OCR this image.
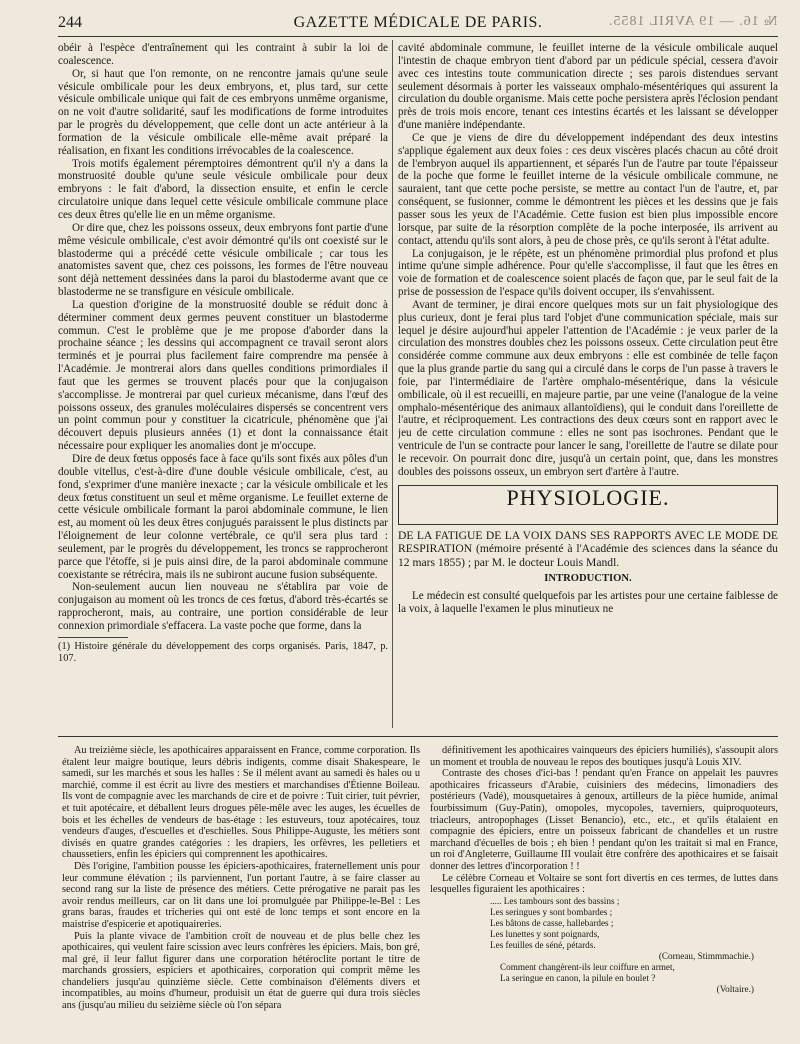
244	GAZETTE MÉDICALE DE PARIS.	№ 16. — 19 AVRIL 1855.

obéir à l'espèce d'entraînement qui les contraint à subir la loi de coalescence.

Or, si haut que l'on remonte, on ne rencontre jamais qu'une seule vésicule ombilicale pour les deux embryons, et, plus tard, sur cette vésicule ombilicale unique qui fait de ces embryons unmême organisme, on ne voit d'autre solidarité, sauf les modifications de forme introduites par le progrès du développement, que celle dont un acte antérieur à la formation de la vésicule ombilicale elle-même avait préparé la réalisation, en fixant les conditions irrévocables de la coalescence.

Trois motifs également péremptoires démontrent qu'il n'y a dans la monstruosité double qu'une seule vésicule ombilicale pour deux embryons : le fait d'abord, la dissection ensuite, et enfin le cercle circulatoire unique dans lequel cette vésicule ombilicale commune place ces deux êtres qu'elle lie en un même organisme.

Or dire que, chez les poissons osseux, deux embryons font partie d'une même vésicule ombilicale, c'est avoir démontré qu'ils ont coexisté sur le blastoderme qui a précédé cette vésicule ombilicale ; car tous les anatomistes savent que, chez ces poissons, les formes de l'être nouveau sont déjà nettement dessinées dans la paroi du blastoderme avant que ce blastoderme ne se transfigure en vésicule ombilicale.

La question d'origine de la monstruosité double se réduit donc à déterminer comment deux germes peuvent constituer un blastoderme commun. C'est le problème que je me propose d'aborder dans la prochaine séance ; les dessins qui accompagnent ce travail seront alors terminés et je pourrai plus facilement faire comprendre ma pensée à l'Académie. Je montrerai alors dans quelles conditions primordiales il faut que les germes se trouvent placés pour que la conjugaison s'accomplisse. Je montrerai par quel curieux mécanisme, dans l'œuf des poissons osseux, des granules moléculaires dispersés se concentrent vers un point commun pour y constituer la cicatricule, phénomène que j'ai découvert depuis plusieurs années (1) et dont la connaissance était nécessaire pour expliquer les anomalies dont je m'occupe.

Dire de deux fœtus opposés face à face qu'ils sont fixés aux pôles d'un double vitellus, c'est-à-dire d'une double vésicule ombilicale, c'est, au fond, s'exprimer d'une manière inexacte ; car la vésicule ombilicale et les deux fœtus constituent un seul et même organisme. Le feuillet externe de cette vésicule ombilicale formant la paroi abdominale commune, le lien est, au moment où les deux êtres conjugués paraissent le plus distincts par l'éloignement de leur colonne vertébrale, ce qu'il sera plus tard : seulement, par le progrès du développement, les troncs se rapprocheront parce que l'étoffe, si je puis ainsi dire, de la paroi abdominale commune coexistante se rétrécira, mais ils ne subiront aucune fusion subséquente.

Non-seulement aucun lien nouveau ne s'établira par voie de conjugaison au moment où les troncs de ces fœtus, d'abord très-écartés se rapprocheront, mais, au contraire, une portion considérable de leur connexion primordiale s'effacera. La vaste poche que forme, dans la

(1) Histoire générale du développement des corps organisés. Paris, 1847, p. 107.

cavité abdominale commune, le feuillet interne de la vésicule ombilicale auquel l'intestin de chaque embryon tient d'abord par un pédicule spécial, cessera d'avoir avec ces intestins toute communication directe ; ses parois distendues servant seulement désormais à porter les vaisseaux omphalo-mésentériques qui assurent la circulation du double organisme. Mais cette poche persistera après l'éclosion pendant près de trois mois encore, tenant ces intestins écartés et les laissant se développer d'une manière indépendante.

Ce que je viens de dire du développement indépendant des deux intestins s'applique également aux deux foies : ces deux viscères placés chacun au côté droit de l'embryon auquel ils appartiennent, et séparés l'un de l'autre par toute l'épaisseur de la poche que forme le feuillet interne de la vésicule ombilicale commune, ne sauraient, tant que cette poche persiste, se mettre au contact l'un de l'autre, et, par conséquent, se fusionner, comme le démontrent les pièces et les dessins que je fais passer sous les yeux de l'Académie. Cette fusion est bien plus impossible encore lorsque, par suite de la résorption complète de la poche interposée, ils arrivent au contact, attendu qu'ils sont alors, à peu de chose près, ce qu'ils seront à l'état adulte.

La conjugaison, je le répète, est un phénomène primordial plus profond et plus intime qu'une simple adhérence. Pour qu'elle s'accomplisse, il faut que les êtres en voie de formation et de coalescence soient placés de façon que, par le seul fait de la prise de possession de l'espace qu'ils doivent occuper, ils s'envahissent.

Avant de terminer, je dirai encore quelques mots sur un fait physiologique des plus curieux, dont je ferai plus tard l'objet d'une communication spéciale, mais sur lequel je désire aujourd'hui appeler l'attention de l'Académie : je veux parler de la circulation des monstres doubles chez les poissons osseux. Cette circulation peut être considérée comme commune aux deux embryons : elle est combinée de telle façon que la plus grande partie du sang qui a circulé dans le corps de l'un passe à travers le foie, par l'intermédiaire de l'artère omphalo-mésentérique, dans la vésicule ombilicale, où il est recueilli, en majeure partie, par une veine (l'analogue de la veine omphalo-mésentérique des animaux allantoïdiens), qui le conduit dans l'oreillette de l'autre, et réciproquement. Les contractions des deux cœurs sont en rapport avec le jeu de cette circulation commune : elles ne sont pas isochrones. Pendant que le ventricule de l'un se contracte pour lancer le sang, l'oreillette de l'autre se dilate pour le recevoir. On pourrait donc dire, jusqu'à un certain point, que, dans les monstres doubles des poissons osseux, un embryon sert d'artère à l'autre.

PHYSIOLOGIE.

DE LA FATIGUE DE LA VOIX DANS SES RAPPORTS AVEC LE MODE DE RESPIRATION (mémoire présenté à l'Académie des sciences dans la séance du 12 mars 1855) ; par M. le docteur Louis Mandl.

INTRODUCTION.

Le médecin est consulté quelquefois par les artistes pour une certaine faiblesse de la voix, à laquelle l'examen le plus minutieux ne

Au treizième siècle, les apothicaires apparaissent en France, comme corporation. Ils étalent leur maigre boutique, leurs débris indigents, comme disait Shakespeare, le samedi, sur les marchés et sous les halles : Se il mélent avant au samedi ès hales ou u marchié, comme il est écrit au livre des mestiers et marchandises d'Étienne Boileau. Ils vont de compagnie avec les marchands de cire et de poivre : Tuit cirier, tuit pévrier, et tuit apotécaire, et déballent leurs drogues pêle-mêle avec les auges, les écuelles de bois et les échelles de vendeurs de bas-étage : les estuveurs, touz apotécaires, touz vendeurs d'auges, d'escuelles et d'eschielles. Sous Philippe-Auguste, les métiers sont divisés en quatre grandes catégories : les drapiers, les orfèvres, les pelletiers et chaussetiers, enfin les épiciers qui comprennent les apothicaires.

Dès l'origine, l'ambition pousse les épiciers-apothicaires, fraternellement unis pour leur commune élévation ; ils parviennent, l'un portant l'autre, à se faire classer au second rang sur la liste de présence des métiers. Cette prérogative ne parait pas les avoir rendus meilleurs, car on lit dans une loi promulguée par Philippe-le-Bel : Les grans baras, fraudes et tricheries qui ont esté de lonc temps et sont encore en la maistrise d'espicerie et apotiquaireries.

Puis la plante vivace de l'ambition croît de nouveau et de plus belle chez les apothicaires, qui veulent faire scission avec leurs confrères les épiciers. Mais, bon gré, mal gré, il leur fallut figurer dans une corporation hétéroclite portant le titre de marchands grossiers, espiciers et apothicaires, corporation qui comprit même les chandeliers jusqu'au quinzième siècle. Cette combinaison d'éléments divers et incompatibles, au moins d'humeur, produisit un état de guerre qui dura trois siècles ans (jusqu'au milieu du seizième siècle où l'on sépara

définitivement les apothicaires vainqueurs des épiciers humiliés), s'assoupit alors un moment et troubla de nouveau le repos des boutiques jusqu'à Louis XIV.

Contraste des choses d'ici-bas ! pendant qu'en France on appelait les pauvres apothicaires fricasseurs d'Arabie, cuisiniers des médecins, limonadiers des postérieurs (Vadé), mousquetaires à genoux, artilleurs de la pièce humide, animal fourbissimum (Guy-Patin), omopoles, mycopoles, taverniers, quiproquoteurs, triacleurs, antropophages (Lisset Benancio), etc., etc., et qu'ils étalaient en compagnie des épiciers, entre un poisseux fabricant de chandelles et un rustre marchand d'écuelles de bois ; eh bien ! pendant qu'on les traitait si mal en France, un roi d'Angleterre, Guillaume III voulait être confrère des apothicaires et se faisait donner des lettres d'incorporation ! !

Le célèbre Corneau et Voltaire se sont fort divertis en ces termes, de luttes dans lesquelles figuraient les apothicaires :

..... Les tambours sont des bassins ;
Les seringues y sont bombardes ;
Les bâtons de casse, hallebardes ;
Les lunettes y sont poignards,
Les feuilles de séné, pétards.
(Corneau, Stimmmachie.)
Comment changèrent-ils leur coiffure en armet,
La seringue en canon, la pilule en boulet ?
(Voltaire.)
